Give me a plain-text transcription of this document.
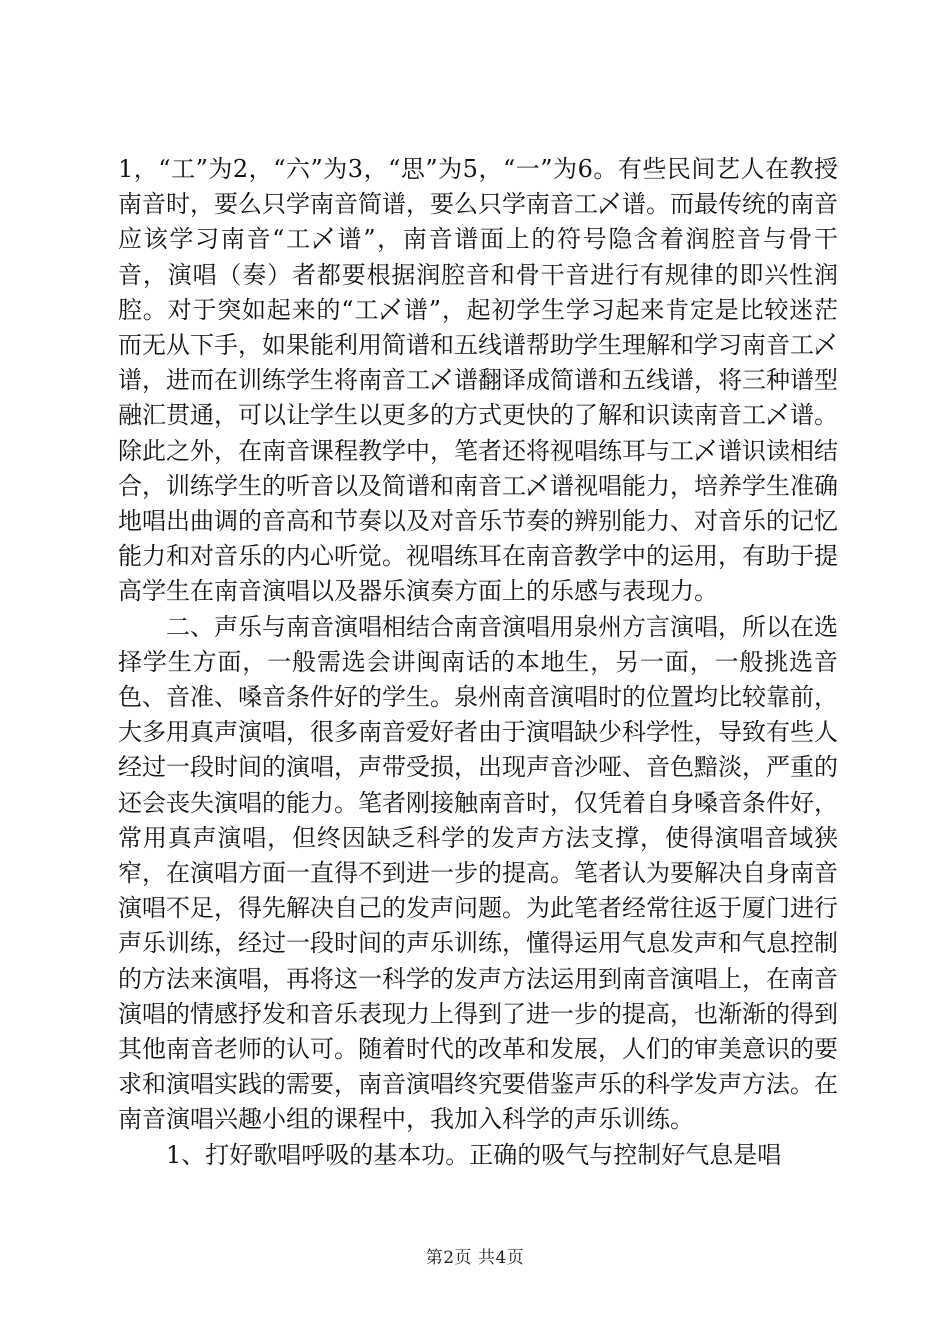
1，“工”为2，“六”为3，“思”为5，“一”为6。有些民间艺人在教授南音时，要么只学南音简谱，要么只学南音工乄谱。而最传统的南音应该学习南音“工乄谱”，南音谱面上的符号隐含着润腔音与骨干音，演唱（奏）者都要根据润腔音和骨干音进行有规律的即兴性润腔。对于突如起来的“工乄谱”，起初学生学习起来肯定是比较迷茫而无从下手，如果能利用简谱和五线谱帮助学生理解和学习南音工乄谱，进而在训练学生将南音工乄谱翻译成简谱和五线谱，将三种谱型融汇贯通，可以让学生以更多的方式更快的了解和识读南音工乄谱。除此之外，在南音课程教学中，笔者还将视唱练耳与工乄谱识读相结合，训练学生的听音以及简谱和南音工乄谱视唱能力，培养学生准确地唱出曲调的音高和节奏以及对音乐节奏的辨别能力、对音乐的记忆能力和对音乐的内心听觉。视唱练耳在南音教学中的运用，有助于提高学生在南音演唱以及器乐演奏方面上的乐感与表现力。

二、声乐与南音演唱相结合南音演唱用泉州方言演唱，所以在选择学生方面，一般需选会讲闽南话的本地生，另一面，一般挑选音色、音准、嗓音条件好的学生。泉州南音演唱时的位置均比较靠前，大多用真声演唱，很多南音爱好者由于演唱缺少科学性，导致有些人经过一段时间的演唱，声带受损，出现声音沙哑、音色黯淡，严重的还会丧失演唱的能力。笔者刚接触南音时，仅凭着自身嗓音条件好，常用真声演唱，但终因缺乏科学的发声方法支撑，使得演唱音域狭窄，在演唱方面一直得不到进一步的提高。笔者认为要解决自身南音演唱不足，得先解决自己的发声问题。为此笔者经常往返于厦门进行声乐训练，经过一段时间的声乐训练，懂得运用气息发声和气息控制的方法来演唱，再将这一科学的发声方法运用到南音演唱上，在南音演唱的情感抒发和音乐表现力上得到了进一步的提高，也渐渐的得到其他南音老师的认可。随着时代的改革和发展，人们的审美意识的要求和演唱实践的需要，南音演唱终究要借鉴声乐的科学发声方法。在南音演唱兴趣小组的课程中，我加入科学的声乐训练。

1、打好歌唱呼吸的基本功。正确的吸气与控制好气息是唱

第2页 共4页
